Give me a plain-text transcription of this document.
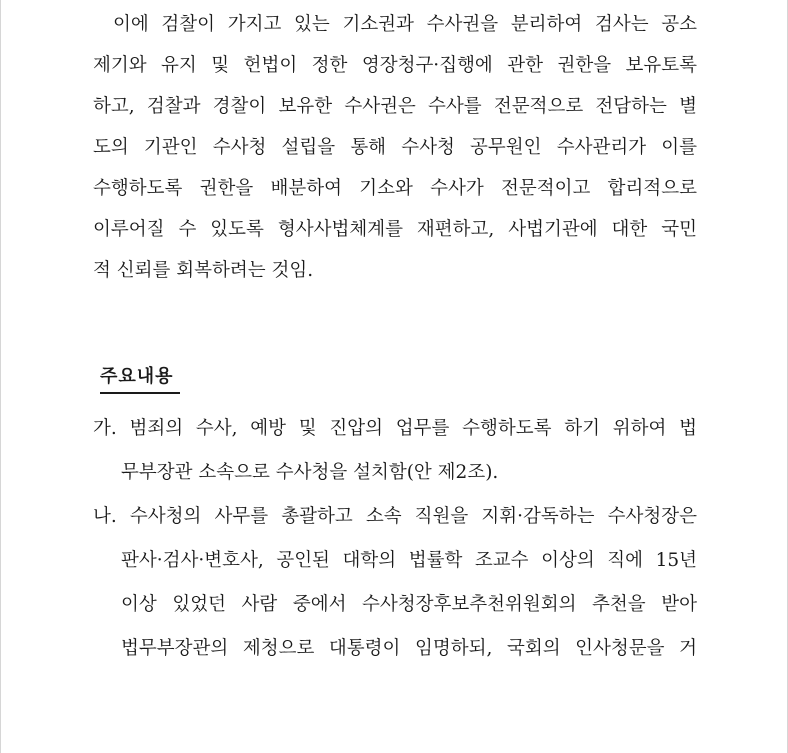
이에 검찰이 가지고 있는 기소권과 수사권을 분리하여 검사는 공소
제기와 유지 및 헌법이 정한 영장청구·집행에 관한 권한을 보유토록
하고, 검찰과 경찰이 보유한 수사권은 수사를 전문적으로 전담하는 별
도의 기관인 수사청 설립을 통해 수사청 공무원인 수사관리가 이를
수행하도록 권한을 배분하여 기소와 수사가 전문적이고 합리적으로
이루어질 수 있도록 형사사법체계를 재편하고, 사법기관에 대한 국민
적 신뢰를 회복하려는 것임.

주요내용
가. 범죄의 수사, 예방 및 진압의 업무를 수행하도록 하기 위하여 법
무부장관 소속으로 수사청을 설치함(안 제2조).
나. 수사청의 사무를 총괄하고 소속 직원을 지휘·감독하는 수사청장은
판사·검사·변호사, 공인된 대학의 법률학 조교수 이상의 직에 15년
이상 있었던 사람 중에서 수사청장후보추천위원회의 추천을 받아
법무부장관의 제청으로 대통령이 임명하되, 국회의 인사청문을 거
